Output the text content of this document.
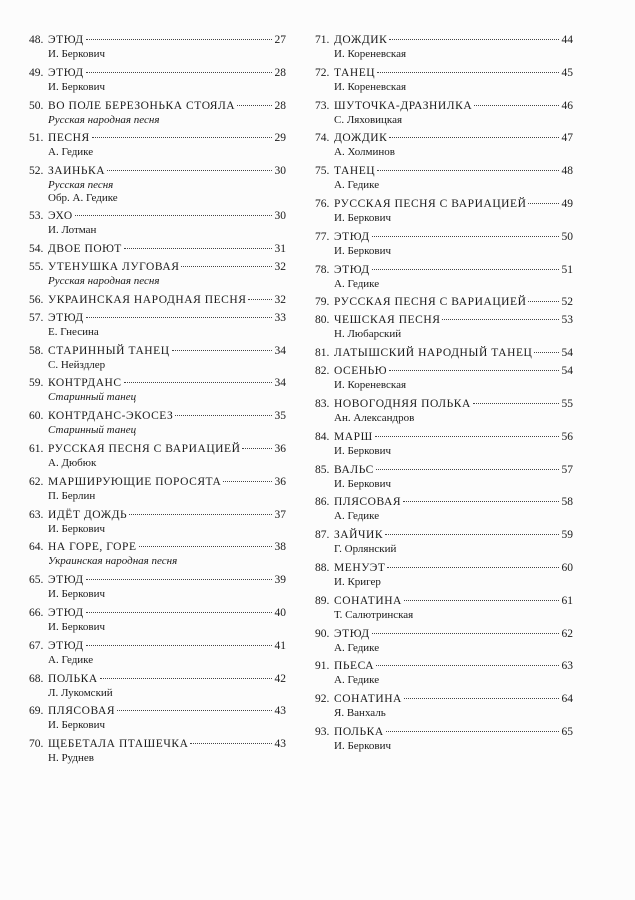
48. ЭТЮД	27
И. Беркович
49. ЭТЮД	28
И. Беркович
50. ВО ПОЛЕ БЕРЕЗОНЬКА СТОЯЛА	28
Русская народная песня
51. ПЕСНЯ	29
А. Гедике
52. ЗАИНЬКА	30
Русская песня
Обр. А. Гедике
53. ЭХО	30
И. Лотман
54. ДВОЕ ПОЮТ	31
55. УТЕНУШКА ЛУГОВАЯ	32
Русская народная песня
56. УКРАИНСКАЯ НАРОДНАЯ ПЕСНЯ 32
57. ЭТЮД	33
Е. Гнесина
58. СТАРИННЫЙ ТАНЕЦ	34
С. Нейздлер
59. КОНТРДАНС	34
Старинный танец
60. КОНТРДАНС-ЭКОСЕЗ	35
Старинный танец
61. РУССКАЯ ПЕСНЯ С ВАРИАЦИЕЙ	36
А. Дюбюк
62. МАРШИРУЮЩИЕ ПОРОСЯТА	36
П. Берлин
63. ИДЁТ ДОЖДЬ	37
И. Беркович
64. НА ГОРЕ, ГОРЕ	38
Украинская народная песня
65. ЭТЮД	39
И. Беркович
66. ЭТЮД	40
И. Беркович
67. ЭТЮД	41
А. Гедике
68. ПОЛЬКА	42
Л. Лукомский
69. ПЛЯСОВАЯ	43
И. Беркович
70. ЩЕБЕТАЛА ПТАШЕЧКА	43
Н. Руднев
71. ДОЖДИК	44
И. Кореневская
72. ТАНЕЦ	45
И. Кореневская
73. ШУТОЧКА-ДРАЗНИЛКА	46
С. Ляховицкая
74. ДОЖДИК	47
А. Холминов
75. ТАНЕЦ	48
А. Гедике
76. РУССКАЯ ПЕСНЯ С ВАРИАЦИЕЙ	49
И. Беркович
77. ЭТЮД	50
И. Беркович
78. ЭТЮД	51
А. Гедике
79. РУССКАЯ ПЕСНЯ С ВАРИАЦИЕЙ	52
80. ЧЕШСКАЯ ПЕСНЯ	53
Н. Любарский
81. ЛАТЫШСКИЙ НАРОДНЫЙ ТАНЕЦ	54
82. ОСЕНЬЮ	54
И. Кореневская
83. НОВОГОДНЯЯ ПОЛЬКА	55
Ан. Александров
84. МАРШ	56
И. Беркович
85. ВАЛЬС	57
И. Беркович
86. ПЛЯСОВАЯ	58
А. Гедике
87. ЗАЙЧИК	59
Г. Орлянский
88. МЕНУЭТ	60
И. Кригер
89. СОНАТИНА	61
Т. Салютринская
90. ЭТЮД	62
А. Гедике
91. ПЬЕСА	63
А. Гедике
92. СОНАТИНА	64
Я. Ванхаль
93. ПОЛЬКА	65
И. Беркович
